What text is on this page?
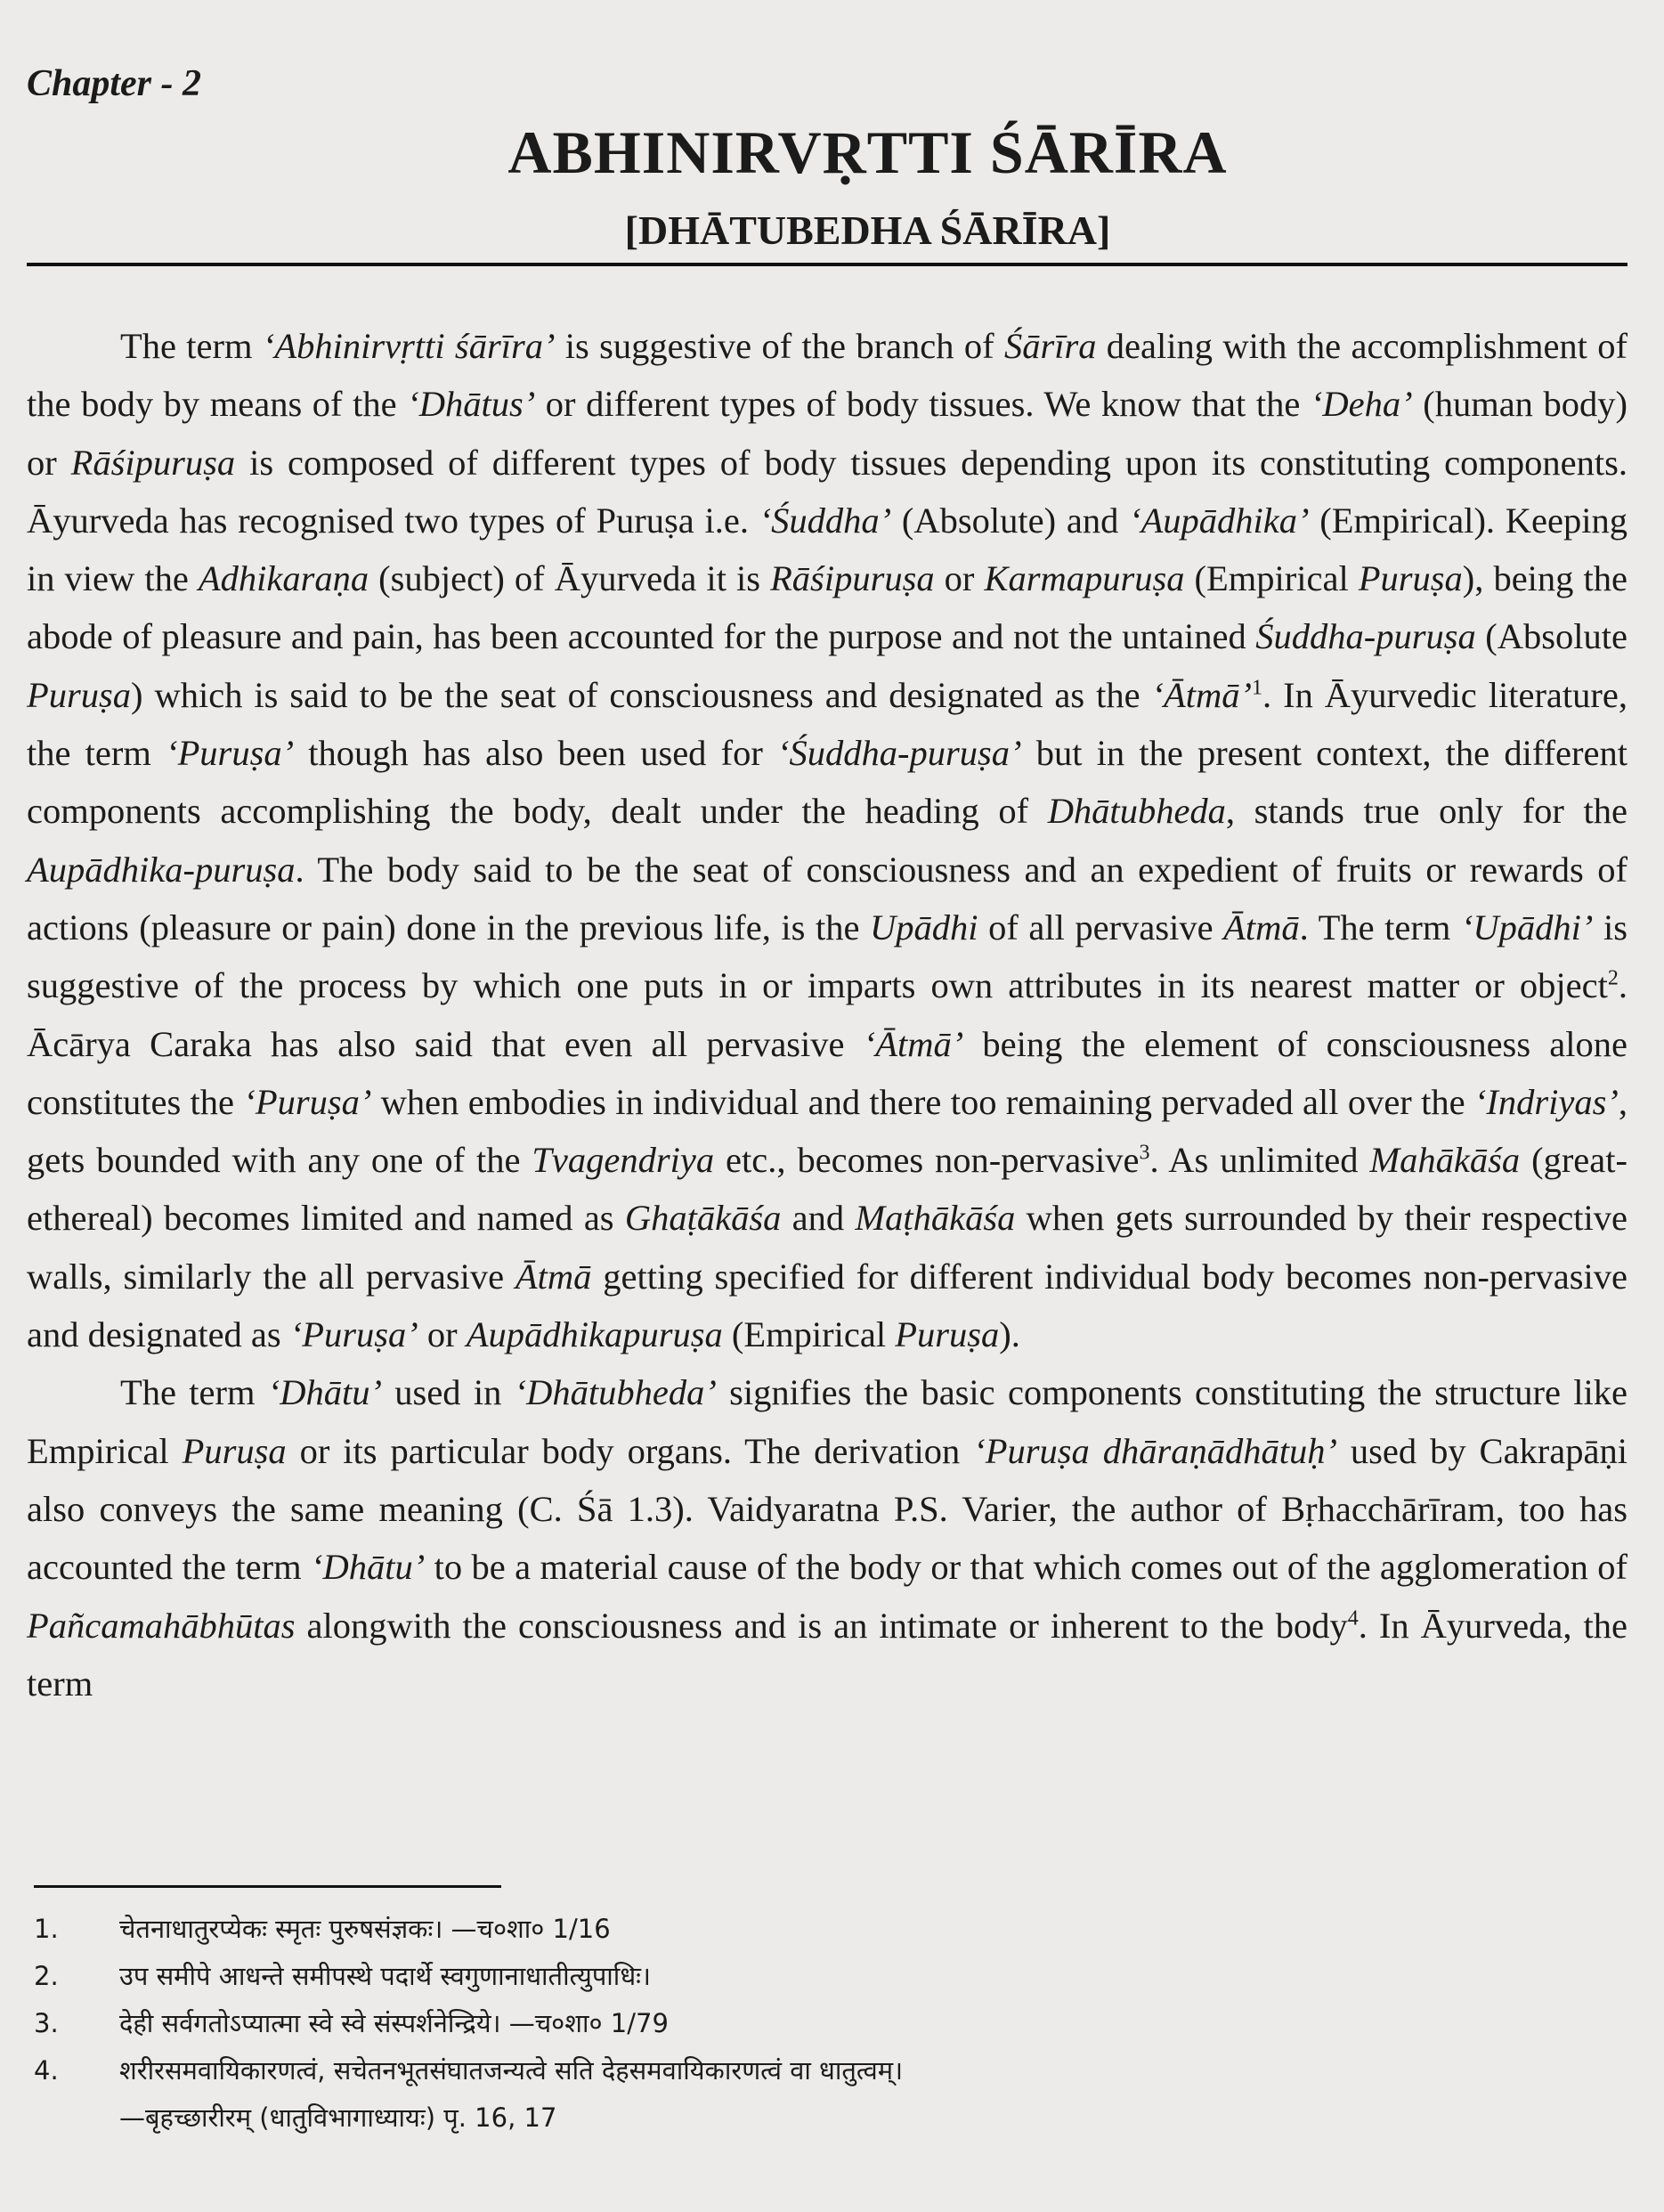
Chapter - 2
ABHINIRVṚTTI ŚĀRĪRA
[DHĀTUBEDHA ŚĀRĪRA]

The term ‘Abhinirvṛtti śārīra’ is suggestive of the branch of Śārīra dealing with the accomplishment of the body by means of the ‘Dhātus’ or different types of body tissues. We know that the ‘Deha’ (human body) or Rāśipuruṣa is composed of different types of body tissues depending upon its constituting components. Āyurveda has recognised two types of Puruṣa i.e. ‘Śuddha’ (Absolute) and ‘Aupādhika’ (Empirical). Keeping in view the Adhikaraṇa (subject) of Āyurveda it is Rāśipuruṣa or Karmapuruṣa (Empirical Puruṣa), being the abode of pleasure and pain, has been accounted for the purpose and not the untained Śuddha-puruṣa (Absolute Puruṣa) which is said to be the seat of consciousness and designated as the ‘Ātmā’$^1$. In Āyurvedic literature, the term ‘Puruṣa’ though has also been used for ‘Śuddha-puruṣa’ but in the present context, the different components accomplishing the body, dealt under the heading of Dhātubheda, stands true only for the Aupādhika-puruṣa. The body said to be the seat of consciousness and an expedient of fruits or rewards of actions (pleasure or pain) done in the previous life, is the Upādhi of all pervasive Ātmā. The term ‘Upādhi’ is suggestive of the process by which one puts in or imparts own attributes in its nearest matter or object$^2$. Ācārya Caraka has also said that even all pervasive ‘Ātmā’ being the element of consciousness alone constitutes the ‘Puruṣa’ when embodies in individual and there too remaining pervaded all over the ‘Indriyas’, gets bounded with any one of the Tvagendriya etc., becomes non-pervasive$^3$. As unlimited Mahākāśa (great-ethereal) becomes limited and named as Ghaṭākāśa and Maṭhākāśa when gets surrounded by their respective walls, similarly the all pervasive Ātmā getting specified for different individual body becomes non-pervasive and designated as ‘Puruṣa’ or Aupādhikapuruṣa (Empirical Puruṣa).

The term ‘Dhātu’ used in ‘Dhātubheda’ signifies the basic components constituting the structure like Empirical Puruṣa or its particular body organs. The derivation ‘Puruṣa dhāraṇādhātuḥ’ used by Cakrapāṇi also conveys the same meaning (C. Śā 1.3). Vaidyaratna P.S. Varier, the author of Bṛhacchārīram, too has accounted the term ‘Dhātu’ to be a material cause of the body or that which comes out of the agglomeration of Pañcamahābhūtas alongwith the consciousness and is an intimate or inherent to the body$^4$. In Āyurveda, the term

1.	चेतनाधातुरप्येकः स्मृतः पुरुषसंज्ञकः। —च०शा० 1/16
2.	उप समीपे आधन्ते समीपस्थे पदार्थे स्वगुणानाधातीत्युपाधिः।
3.	देही सर्वगतोऽप्यात्मा स्वे स्वे संस्पर्शनेन्द्रिये। —च०शा० 1/79
4.	शरीरसमवायिकारणत्वं, सचेतनभूतसंघातजन्यत्वे सति देहसमवायिकारणत्वं वा धातुत्वम्।
—बृहच्छारीरम् (धातुविभागाध्यायः) पृ. 16, 17
